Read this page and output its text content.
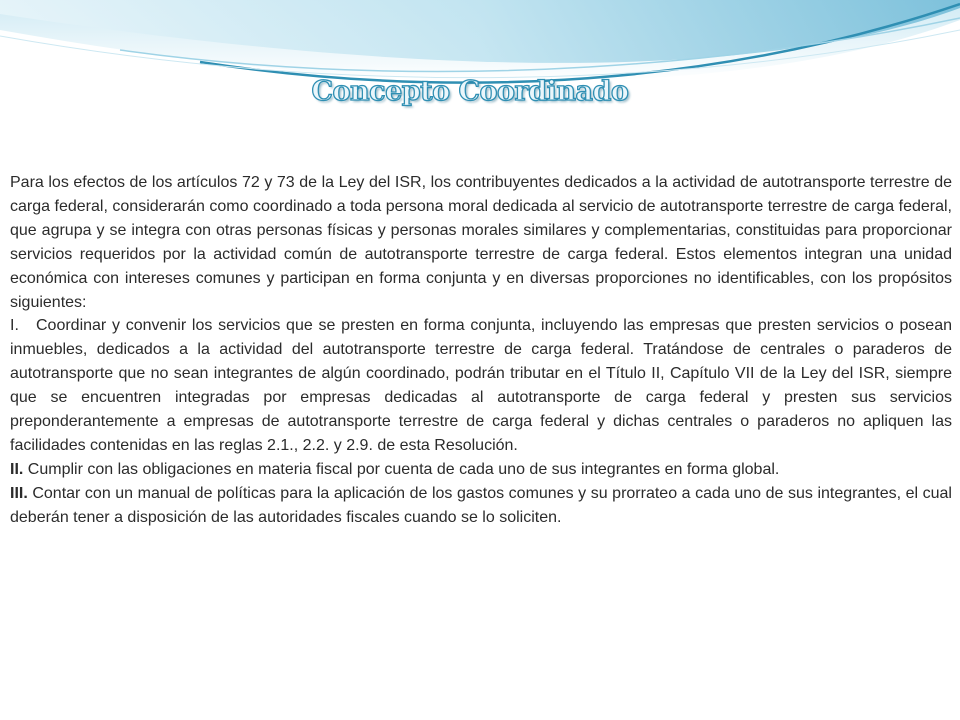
Concepto Coordinado

Para los efectos de los artículos 72 y 73 de la Ley del ISR, los contribuyentes dedicados a la actividad de autotransporte terrestre de carga federal, considerarán como coordinado a toda persona moral dedicada al servicio de autotransporte terrestre de carga federal, que agrupa y se integra con otras personas físicas y personas morales similares y complementarias, constituidas para proporcionar servicios requeridos por la actividad común de autotransporte terrestre de carga federal. Estos elementos integran una unidad económica con intereses comunes y participan en forma conjunta y en diversas proporciones no identificables, con los propósitos siguientes:

I. Coordinar y convenir los servicios que se presten en forma conjunta, incluyendo las empresas que presten servicios o posean inmuebles, dedicados a la actividad del autotransporte terrestre de carga federal. Tratándose de centrales o paraderos de autotransporte que no sean integrantes de algún coordinado, podrán tributar en el Título II, Capítulo VII de la Ley del ISR, siempre que se encuentren integradas por empresas dedicadas al autotransporte de carga federal y presten sus servicios preponderantemente a empresas de autotransporte terrestre de carga federal y dichas centrales o paraderos no apliquen las facilidades contenidas en las reglas 2.1., 2.2. y 2.9. de esta Resolución.

II. Cumplir con las obligaciones en materia fiscal por cuenta de cada uno de sus integrantes en forma global.

III. Contar con un manual de políticas para la aplicación de los gastos comunes y su prorrateo a cada uno de sus integrantes, el cual deberán tener a disposición de las autoridades fiscales cuando se lo soliciten.
